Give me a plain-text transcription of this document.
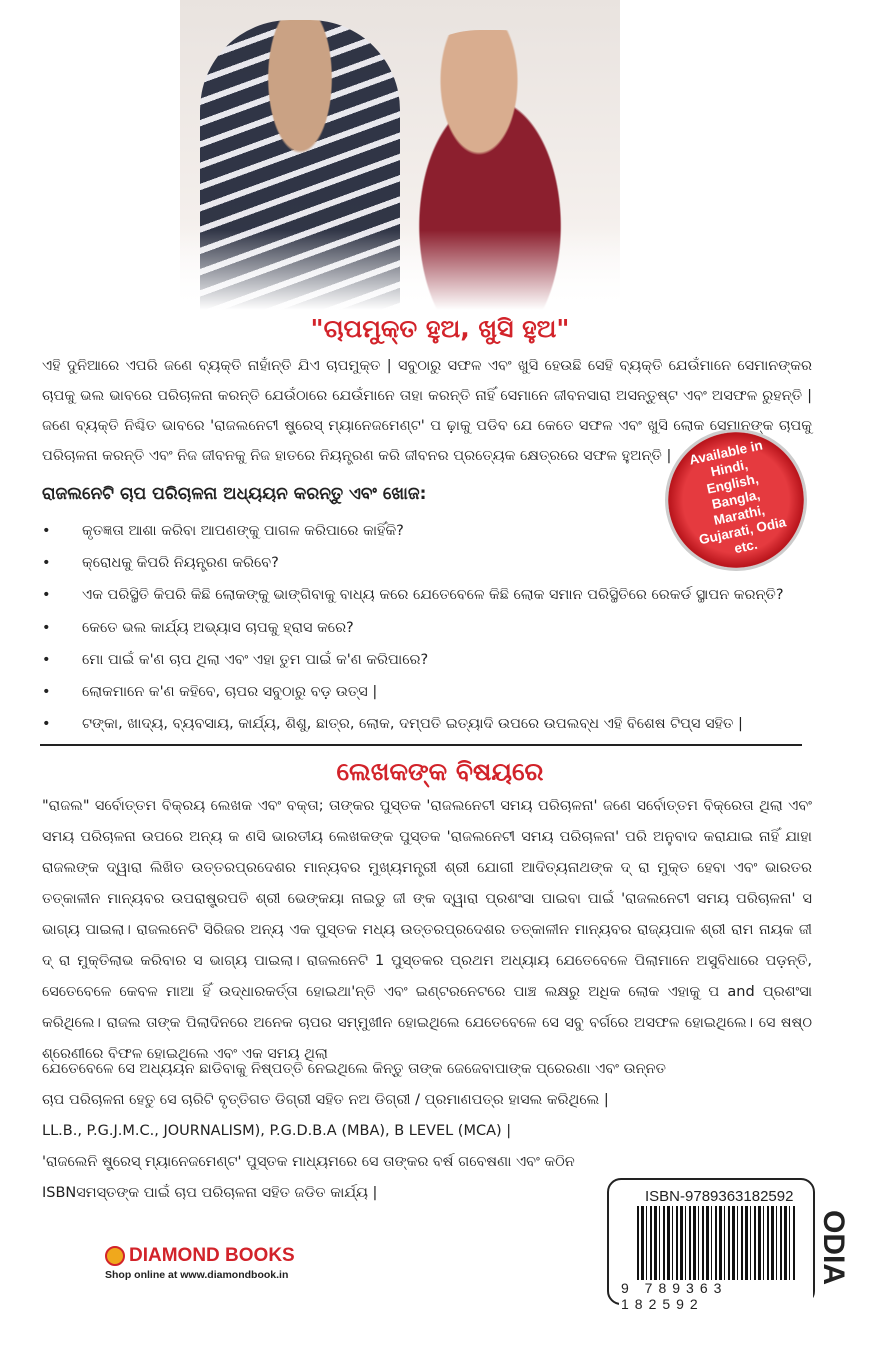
"ଚାପମୁକ୍ତ ହୁଅ, ଖୁସି ହୁଅ"

ଏହି ଦୁନିଆରେ ଏପରି ଜଣେ ବ୍ୟକ୍ତି ନାହାଁନ୍ତି ଯିଏ ଚାପମୁକ୍ତ | ସବୁଠାରୁ ସଫଳ ଏବଂ ଖୁସି ହେଉଛି ସେହି ବ୍ୟକ୍ତି ଯେଉଁମାନେ ସେମାନଙ୍କର ଚାପକୁ ଭଲ ଭାବରେ ପରିଚାଳନା କରନ୍ତି ଯେଉଁଠାରେ ଯେଉଁମାନେ ତାହା କରନ୍ତି ନାହିଁ ସେମାନେ ଜୀବନସାରା ଅସନ୍ତୁଷ୍ଟ ଏବଂ ଅସଫଳ ରୁହନ୍ତି | ଜଣେ ବ୍ୟକ୍ତି ନିଶ୍ଚିତ ଭାବରେ 'ରାଜଲନେଟୀ ଷ୍ଟ୍ରେସ୍ ମ୍ୟାନେଜମେଣ୍ଟ' ପ ଢ଼ାକୁ ପଡିବ ଯେ କେତେ ସଫଳ ଏବଂ ଖୁସି ଲୋକ ସେମାନଙ୍କ ଚାପକୁ ପରିଚାଳନା କରନ୍ତି ଏବଂ ନିଜ ଜୀବନକୁ ନିଜ ହାତରେ ନିୟନ୍ତ୍ରଣ କରି ଜୀବନର ପ୍ରତ୍ୟେକ କ୍ଷେତ୍ରରେ ସଫଳ ହୁଅନ୍ତି |

ରାଜଲନେଟି ଚାପ ପରିଚାଳନା ଅଧ୍ୟୟନ କରନ୍ତୁ ଏବଂ ଖୋଜ:
•	କୃତଜ୍ଞତା ଆଶା କରିବା ଆପଣଙ୍କୁ ପାଗଳ କରିପାରେ କାହିଁକି?
•	କ୍ରୋଧକୁ କିପରି ନିୟନ୍ତ୍ରଣ କରିବେ?
•	ଏକ ପରିସ୍ଥିତି କିପରି କିଛି ଲୋକଙ୍କୁ ଭାଙ୍ଗିବାକୁ ବାଧ୍ୟ କରେ ଯେତେବେଳେ କିଛି ଲୋକ ସମାନ ପରିସ୍ଥିତିରେ ରେକର୍ଡ ସ୍ଥାପନ କରନ୍ତି?
•	କେତେ ଭଲ କାର୍ଯ୍ୟ ଅଭ୍ୟାସ ଚାପକୁ ହ୍ରାସ କରେ?
•	ମୋ ପାଇଁ କ'ଣ ଚାପ ଥିଲା ଏବଂ ଏହା ତୁମ ପାଇଁ କ'ଣ କରିପାରେ?
•	ଲୋକମାନେ କ'ଣ କହିବେ, ଚାପର ସବୁଠାରୁ ବଡ଼ ଉତ୍ସ |
•	ଟଙ୍କା, ଖାଦ୍ୟ, ବ୍ୟବସାୟ, କାର୍ଯ୍ୟ, ଶିଶୁ, ଛାତ୍ର, ଲୋକ, ଦମ୍ପତି ଇତ୍ୟାଦି ଉପରେ ଉପଲବ୍ଧ ଏହି ବିଶେଷ ଟିପ୍ସ ସହିତ |
Available in Hindi, English, Bangla, Marathi, Gujarati, Odia etc.
ଲେଖକଙ୍କ ବିଷୟରେ

"ରାଜଲ" ସର୍ବୋତ୍ତମ ବିକ୍ରୟ ଲେଖକ ଏବଂ ବକ୍ତା; ତାଙ୍କର ପୁସ୍ତକ 'ରାଜଲନେଟୀ ସମୟ ପରିଚାଳନା' ଜଣେ ସର୍ବୋତ୍ତମ ବିକ୍ରେତା ଥିଲା ଏବଂ ସମୟ ପରିଚାଳନା ଉପରେ ଅନ୍ୟ କ ଣସି ଭାରତୀୟ ଲେଖକଙ୍କ ପୁସ୍ତକ 'ରାଜଲନେଟୀ ସମୟ ପରିଚାଳନା' ପରି ଅନୁବାଦ କରାଯାଇ ନାହିଁ ଯାହା ରାଜଲଙ୍କ ଦ୍ୱାରା ଲିଖିତ ଉତ୍ତରପ୍ରଦେଶର ମାନ୍ୟବର ମୁଖ୍ୟମନ୍ତ୍ରୀ ଶ୍ରୀ ଯୋଗୀ ଆଦିତ୍ୟନାଥଙ୍କ ଦ୍ ରା ମୁକ୍ତ ହେବା ଏବଂ ଭାରତର ତତ୍କାଳୀନ ମାନ୍ୟବର ଉପରାଷ୍ଟ୍ରପତି ଶ୍ରୀ ଭେଙ୍କୟା ନାଇଡୁ ଜୀ ଙ୍କ ଦ୍ୱାରା ପ୍ରଶଂସା ପାଇବା ପାଇଁ 'ରାଜଲନେଟୀ ସମୟ ପରିଚାଳନା' ସ ଭାଗ୍ୟ ପାଇଲା। ରାଜଲନେଟି ସିରିଜର ଅନ୍ୟ ଏକ ପୁସ୍ତକ ମଧ୍ୟ ଉତ୍ତରପ୍ରଦେଶର ତତ୍କାଳୀନ ମାନ୍ୟବର ରାଜ୍ୟପାଳ ଶ୍ରୀ ରାମ ନାୟକ ଜୀ ଦ୍ ରା ମୁକ୍ତିଲାଭ କରିବାର ସ ଭାଗ୍ୟ ପାଇଲା। ରାଜଲନେଟି 1 ପୁସ୍ତକର ପ୍ରଥମ ଅଧ୍ୟାୟ ଯେତେବେଳେ ପିଲାମାନେ ଅସୁବିଧାରେ ପଡ଼ନ୍ତି, ସେତେବେଳେ କେବଳ ମାଆ ହିଁ ଉଦ୍ଧାରକର୍ତ୍ତା ହୋଇଥା'ନ୍ତି ଏବଂ ଇଣ୍ଟରନେଟରେ ପାଞ୍ଚ ଲକ୍ଷରୁ ଅଧିକ ଲୋକ ଏହାକୁ ପ and ପ୍ରଶଂସା କରିଥିଲେ। ରାଜଲ ତାଙ୍କ ପିଲାଦିନରେ ଅନେକ ଚାପର ସମ୍ମୁଖୀନ ହୋଇଥିଲେ ଯେତେବେଳେ ସେ ସବୁ ବର୍ଗରେ ଅସଫଳ ହୋଇଥିଲେ। ସେ ଷଷ୍ଠ ଶ୍ରେଣୀରେ ବିଫଳ ହୋଇଥିଲେ ଏବଂ ଏକ ସମୟ ଥିଲା

ଯେତେବେଳେ ସେ ଅଧ୍ୟୟନ ଛାଡିବାକୁ ନିଷ୍ପତ୍ତି ନେଇଥିଲେ କିନ୍ତୁ ତାଙ୍କ ଜେଜେବାପାଙ୍କ ପ୍ରେରଣା ଏବଂ ଉନ୍ନତ
ଚାପ ପରିଚାଳନା ହେତୁ ସେ ଚାରିଟି ବୃତ୍ତିଗତ ଡିଗ୍ରୀ ସହିତ ନଅ ଡିଗ୍ରୀ / ପ୍ରମାଣପତ୍ର ହାସଲ କରିଥିଲେ |
LL.B., P.G.J.M.C., JOURNALISM), P.G.D.B.A (MBA), B LEVEL (MCA) |
'ରାଜଲେନି ଷ୍ଟ୍ରେସ୍ ମ୍ୟାନେଜମେଣ୍ଟ' ପୁସ୍ତକ ମାଧ୍ୟମରେ ସେ ତାଙ୍କର ବର୍ଷ ଗବେଷଣା ଏବଂ କଠିନ
ISBNସମସ୍ତଙ୍କ ପାଇଁ ଚାପ ପରିଚାଳନା ସହିତ ଜଡିତ କାର୍ଯ୍ୟ |
DIAMOND BOOKS
Shop online at www.diamondbook.in
ISBN-9789363182592
9 789363 182592
ODIA
